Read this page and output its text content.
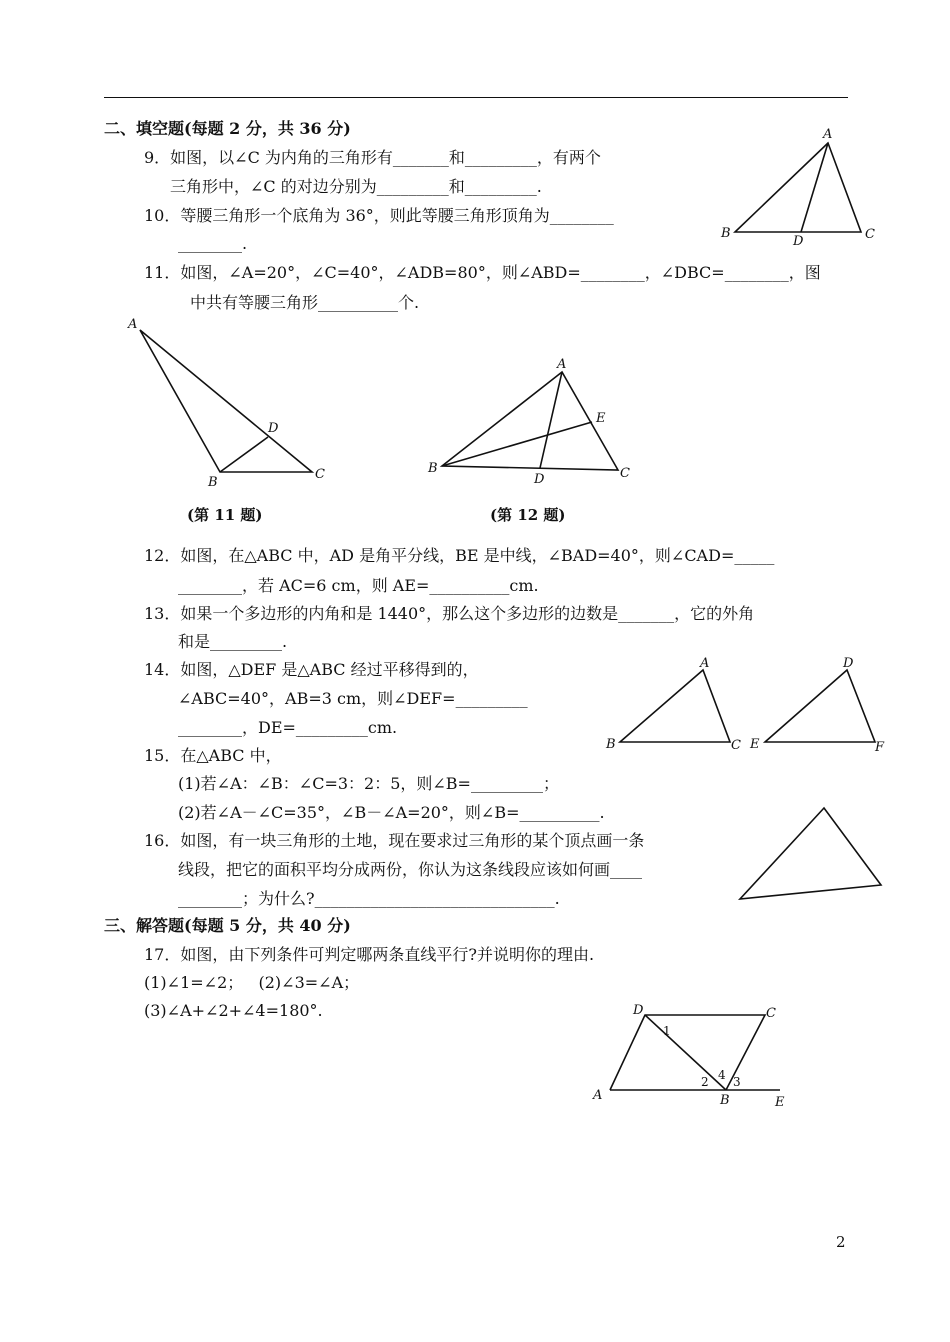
二、填空题(每题 2 分，共 36 分)
9．如图，以∠C 为内角的三角形有_______和_________，有两个
三角形中，∠C 的对边分别为_________和_________.
10．等腰三角形一个底角为 36°，则此等腰三角形顶角为________
________.
11．如图，∠A=20°，∠C=40°，∠ADB=80°，则∠ABD=________，∠DBC=________，图
中共有等腰三角形__________个.
A
B
D	C
A
D
B
C
(第 11 题)
A
E
B
D	C
(第 12 题)
12．如图，在△ABC 中，AD 是角平分线，BE 是中线，∠BAD=40°，则∠CAD=_____
________，若 AC=6 cm，则 AE=__________cm.
13．如果一个多边形的内角和是 1440°，那么这个多边形的边数是_______，它的外角
和是_________.
14．如图，△DEF 是△ABC 经过平移得到的，
∠ABC=40°，AB=3 cm，则∠DEF=_________
________，DE=_________cm.
15．在△ABC 中，
(1)若∠A：∠B：∠C=3：2：5，则∠B=_________；
(2)若∠A－∠C=35°，∠B－∠A=20°，则∠B=__________.
16．如图，有一块三角形的土地，现在要求过三角形的某个顶点画一条
线段，把它的面积平均分成两份，你认为这条线段应该如何画____
________；为什么?______________________________.
A
B	C
D
E	F
三、解答题(每题 5 分，共 40 分)
17．如图，由下列条件可判定哪两条直线平行?并说明你的理由.
(1)∠1=∠2；   (2)∠3=∠A；
(3)∠A+∠2+∠4=180°.	D	C
1
4
2 3
A	B	E
2
